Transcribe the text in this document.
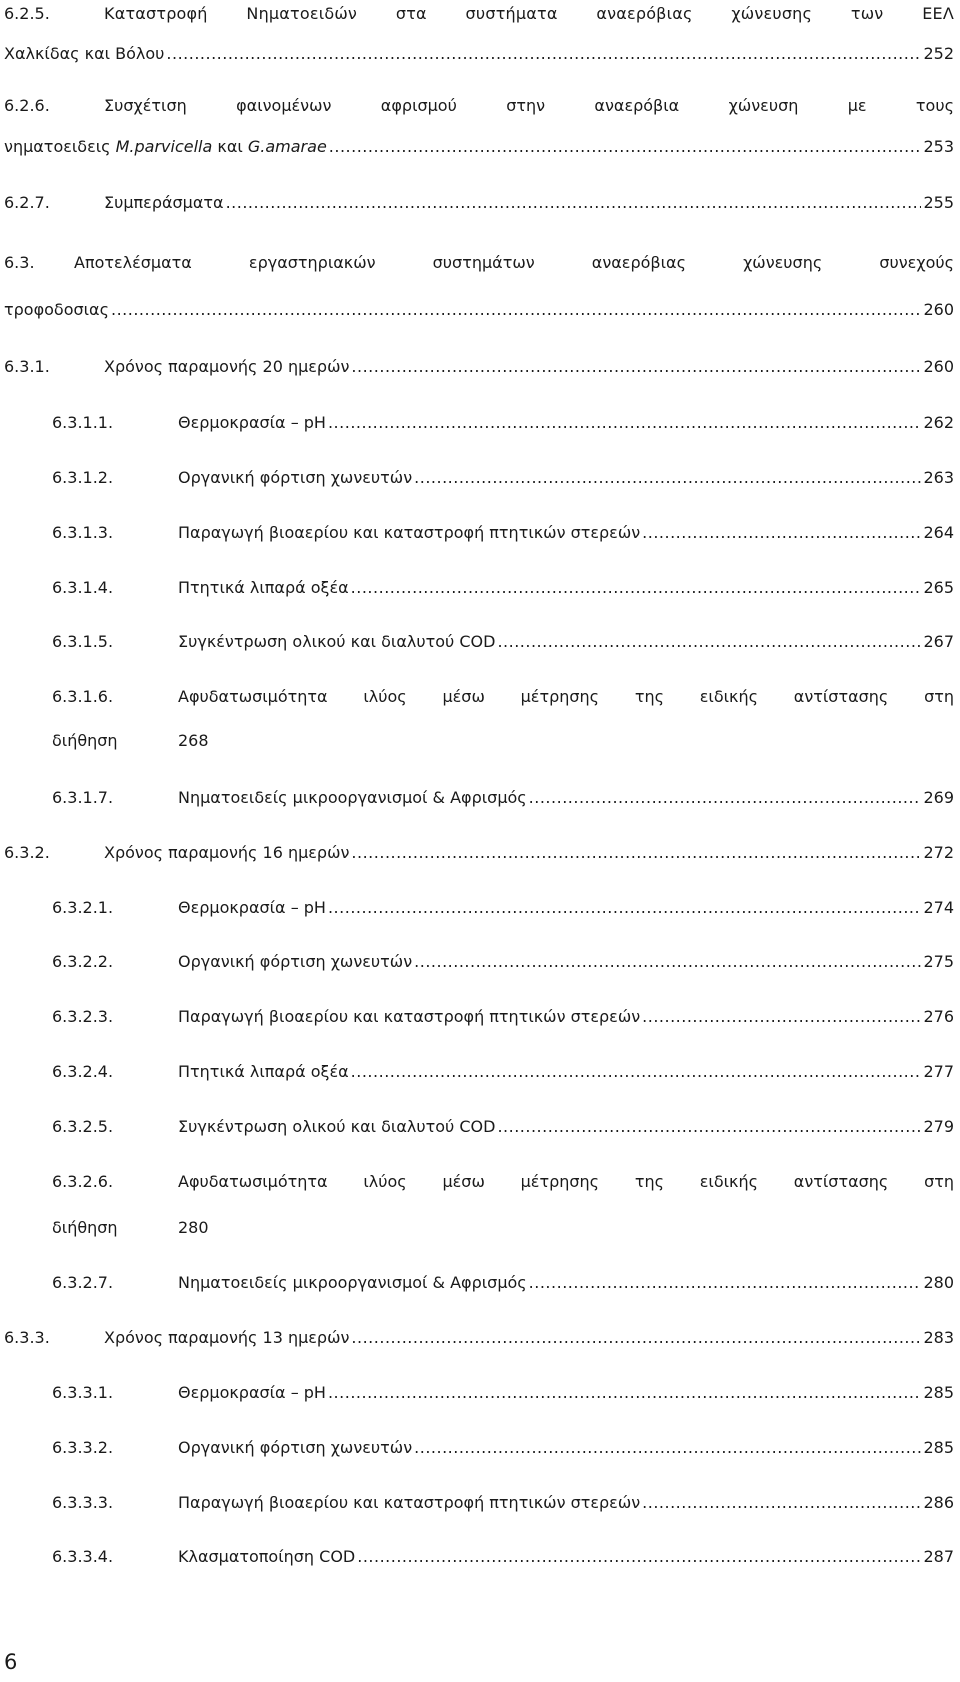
6.2.5.	Καταστροφή Νηματοειδών στα συστήματα αναερόβιας χώνευσης των ΕΕΛ
Χαλκίδας και Βόλου .....	252
6.2.6.	Συσχέτιση φαινομένων αφρισμού στην αναερόβια χώνευση με τους
νηματοειδεις M.parvicella και G.amarae .....	253
6.2.7.	Συμπεράσματα .....	255
6.3.	Αποτελέσματα εργαστηριακών συστημάτων αναερόβιας χώνευσης συνεχούς
τροφοδοσιας .....	260
6.3.1.	Χρόνος παραμονής 20 ημερών .....	260
6.3.1.1.	Θερμοκρασία – pH .....	262
6.3.1.2.	Οργανική φόρτιση χωνευτών .....	263
6.3.1.3.	Παραγωγή βιοαερίου και καταστροφή πτητικών στερεών .....	264
6.3.1.4.	Πτητικά λιπαρά οξέα .....	265
6.3.1.5.	Συγκέντρωση ολικού και διαλυτού COD .....	267
6.3.1.6.	Αφυδατωσιμότητα ιλύος μέσω μέτρησης της ειδικής αντίστασης στη
διήθηση	268
6.3.1.7.	Νηματοειδείς μικροοργανισμοί & Αφρισμός .....	269
6.3.2.	Χρόνος παραμονής 16 ημερών .....	272
6.3.2.1.	Θερμοκρασία – pH .....	274
6.3.2.2.	Οργανική φόρτιση χωνευτών .....	275
6.3.2.3.	Παραγωγή βιοαερίου και καταστροφή πτητικών στερεών .....	276
6.3.2.4.	Πτητικά λιπαρά οξέα .....	277
6.3.2.5.	Συγκέντρωση ολικού και διαλυτού COD .....	279
6.3.2.6.	Αφυδατωσιμότητα ιλύος μέσω μέτρησης της ειδικής αντίστασης στη
διήθηση	280
6.3.2.7.	Νηματοειδείς μικροοργανισμοί & Αφρισμός .....	280
6.3.3.	Χρόνος παραμονής 13 ημερών .....	283
6.3.3.1.	Θερμοκρασία – pH .....	285
6.3.3.2.	Οργανική φόρτιση χωνευτών .....	285
6.3.3.3.	Παραγωγή βιοαερίου και καταστροφή πτητικών στερεών .....	286
6.3.3.4.	Κλασματοποίηση COD .....	287
6
